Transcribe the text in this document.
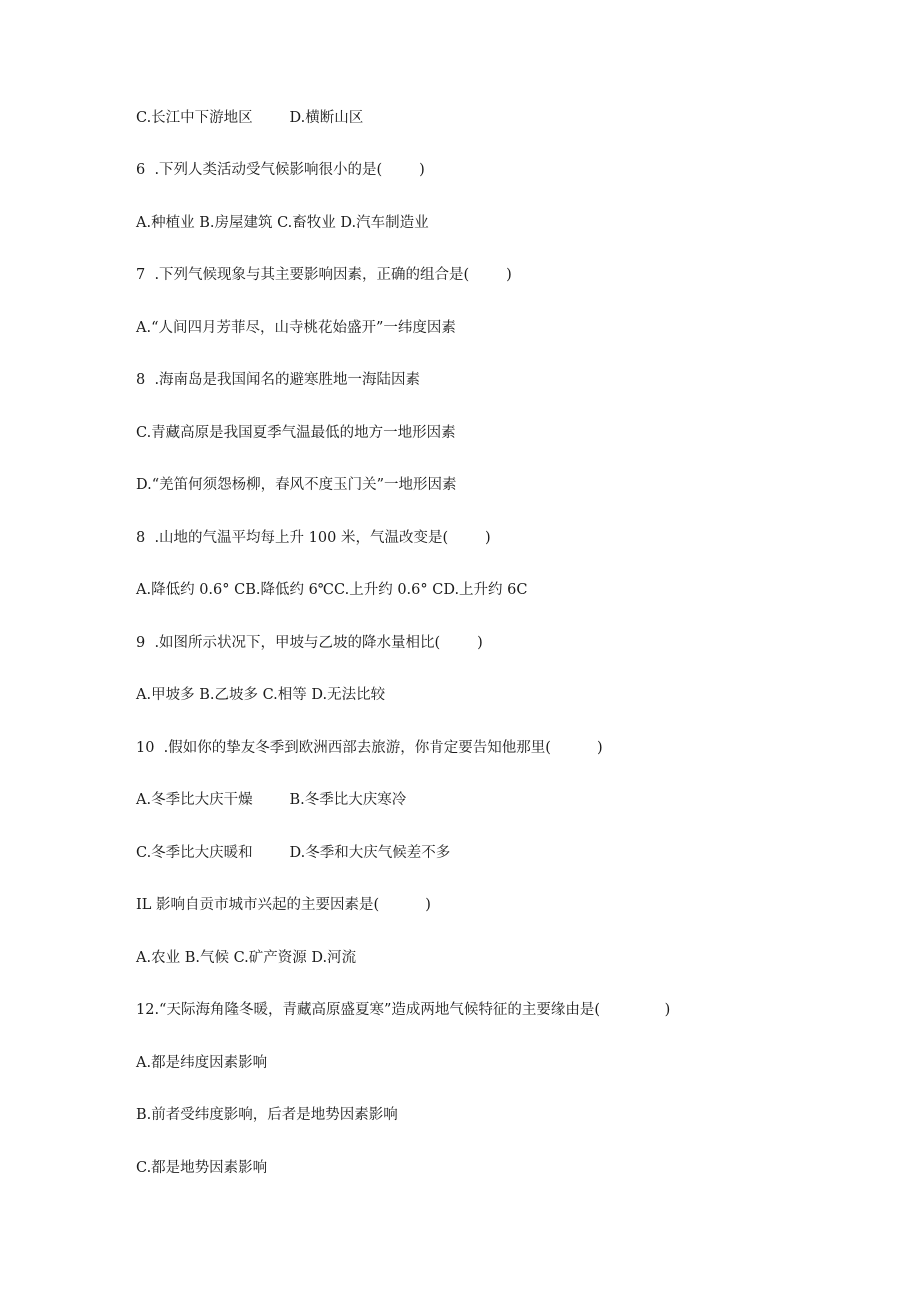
C.长江中下游地区        D.横断山区
6  .下列人类活动受气候影响很小的是(        )
A.种植业 B.房屋建筑 C.畜牧业 D.汽车制造业
7  .下列气候现象与其主要影响因素，正确的组合是(        )
A.“人间四月芳菲尽，山寺桃花始盛开”一纬度因素
8  .海南岛是我国闻名的避寒胜地一海陆因素
C.青藏高原是我国夏季气温最低的地方一地形因素
D.“羌笛何须怨杨柳，春风不度玉门关”一地形因素
8  .山地的气温平均每上升 100 米，气温改变是(        )
A.降低约 0.6° CB.降低约 6℃C.上升约 0.6° CD.上升约 6C
9  .如图所示状况下，甲坡与乙坡的降水量相比(        )
A.甲坡多 B.乙坡多 C.相等 D.无法比较
10  .假如你的挚友冬季到欧洲西部去旅游，你肯定要告知他那里(          )
A.冬季比大庆干燥        B.冬季比大庆寒冷
C.冬季比大庆暖和        D.冬季和大庆气候差不多
IL 影响自贡市城市兴起的主要因素是(          )
A.农业 B.气候 C.矿产资源 D.河流
12.“天际海角隆冬暖，青藏高原盛夏寒”造成两地气候特征的主要缘由是(              )
A.都是纬度因素影响
B.前者受纬度影响，后者是地势因素影响
C.都是地势因素影响
